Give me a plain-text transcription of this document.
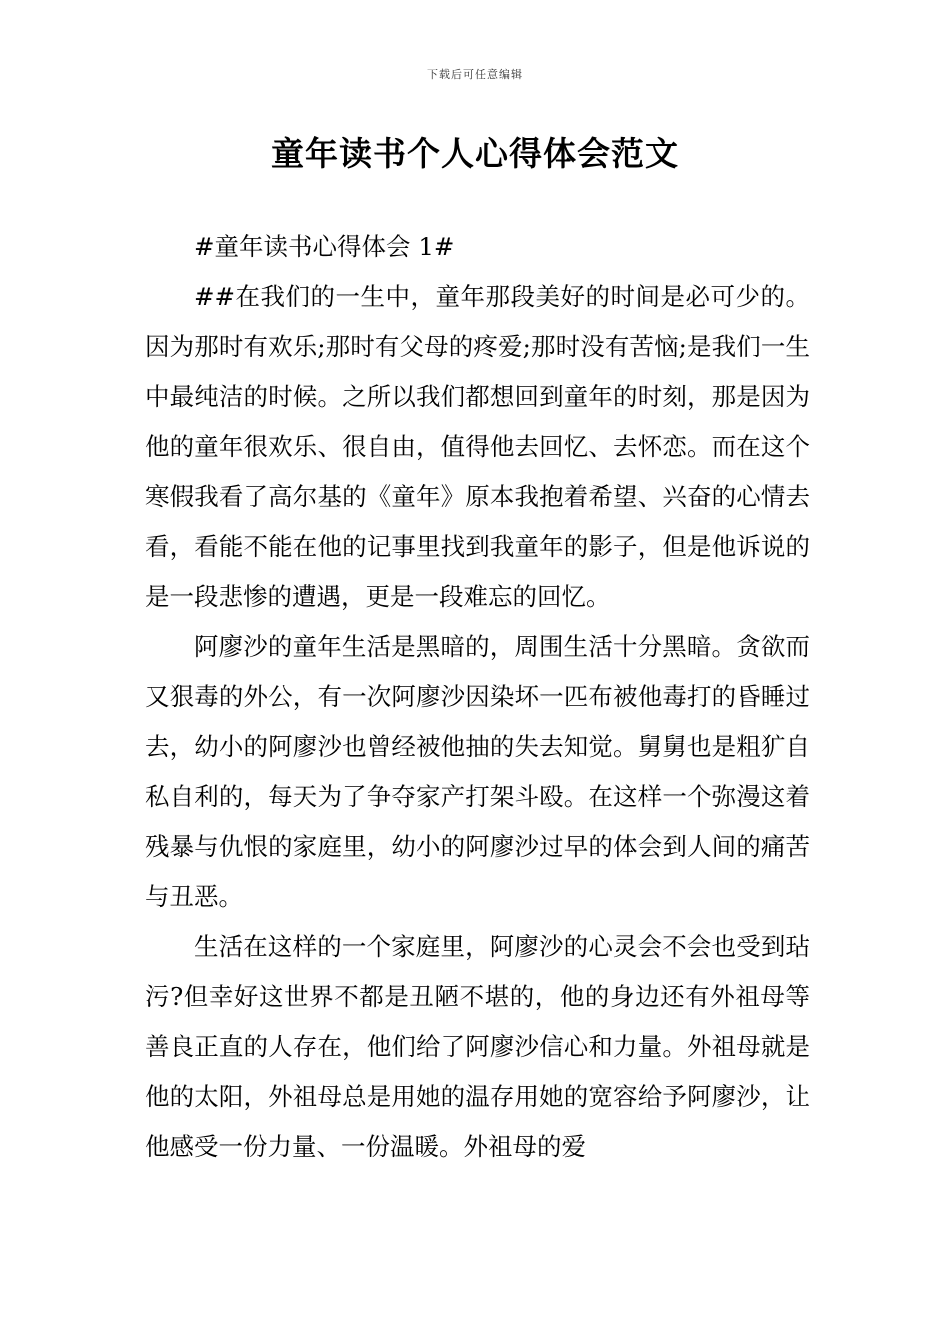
下载后可任意编辑
童年读书个人心得体会范文

#童年读书心得体会 1#

##在我们的一生中，童年那段美好的时间是必可少的。因为那时有欢乐;那时有父母的疼爱;那时没有苦恼;是我们一生中最纯洁的时候。之所以我们都想回到童年的时刻，那是因为他的童年很欢乐、很自由，值得他去回忆、去怀恋。而在这个寒假我看了高尔基的《童年》原本我抱着希望、兴奋的心情去看，看能不能在他的记事里找到我童年的影子，但是他诉说的是一段悲惨的遭遇，更是一段难忘的回忆。

阿廖沙的童年生活是黑暗的，周围生活十分黑暗。贪欲而又狠毒的外公，有一次阿廖沙因染坏一匹布被他毒打的昏睡过去，幼小的阿廖沙也曾经被他抽的失去知觉。舅舅也是粗犷自私自利的，每天为了争夺家产打架斗殴。在这样一个弥漫这着残暴与仇恨的家庭里，幼小的阿廖沙过早的体会到人间的痛苦与丑恶。

生活在这样的一个家庭里，阿廖沙的心灵会不会也受到玷污?但幸好这世界不都是丑陋不堪的，他的身边还有外祖母等善良正直的人存在，他们给了阿廖沙信心和力量。外祖母就是他的太阳，外祖母总是用她的温存用她的宽容给予阿廖沙，让他感受一份力量、一份温暖。外祖母的爱
